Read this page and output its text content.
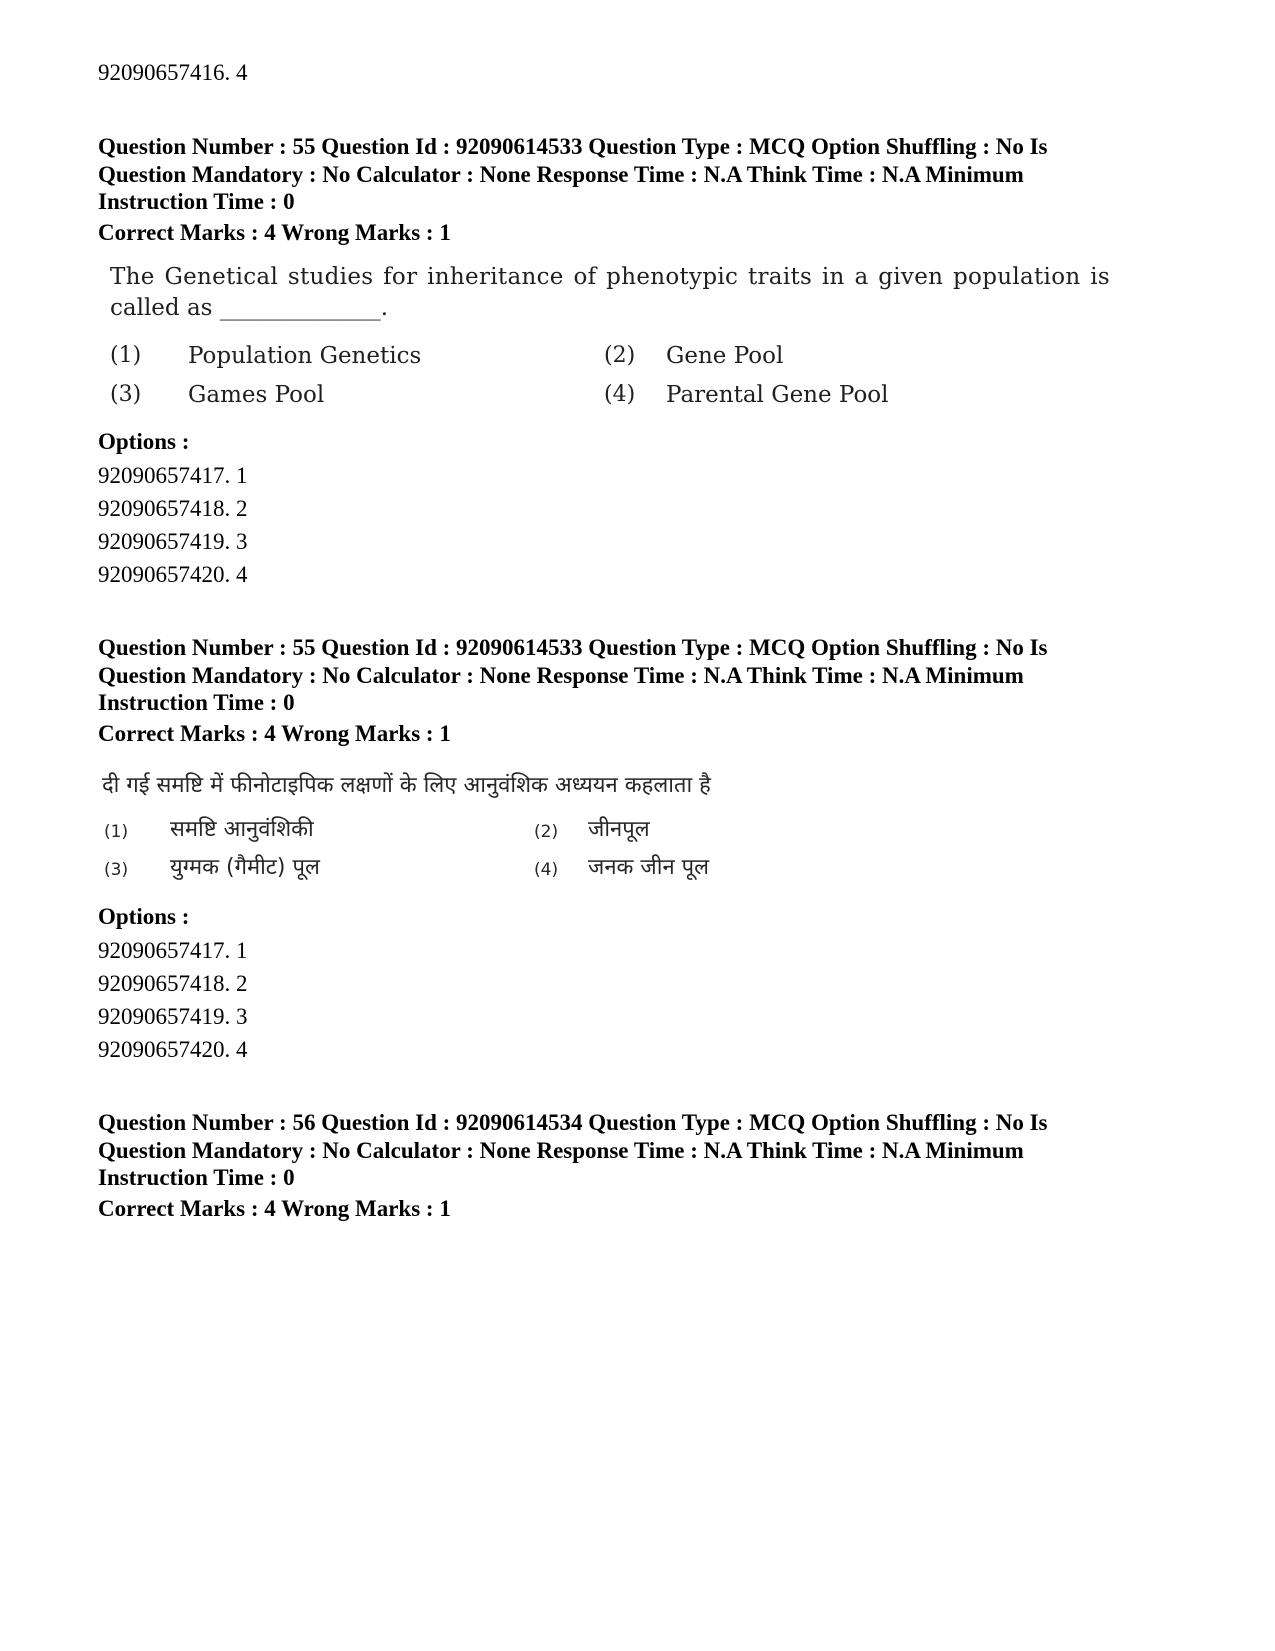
92090657416. 4
Question Number : 55 Question Id : 92090614533 Question Type : MCQ Option Shuffling : No Is
Question Mandatory : No Calculator : None Response Time : N.A Think Time : N.A Minimum
Instruction Time : 0
Correct Marks : 4 Wrong Marks : 1
The Genetical studies for inheritance of phenotypic traits in a given population is
called as ______________.
(1) Population Genetics	(2) Gene Pool
(3) Games Pool	(4) Parental Gene Pool
Options :
92090657417. 1
92090657418. 2
92090657419. 3
92090657420. 4
Question Number : 55 Question Id : 92090614533 Question Type : MCQ Option Shuffling : No Is
Question Mandatory : No Calculator : None Response Time : N.A Think Time : N.A Minimum
Instruction Time : 0
Correct Marks : 4 Wrong Marks : 1
दी गई समष्टि में फीनोटाइपिक लक्षणों के लिए आनुवंशिक अध्ययन कहलाता है
(1) समष्टि आनुवंशिकी	(2) जीनपूल
(3) युग्मक (गैमीट) पूल	(4) जनक जीन पूल
Options :
92090657417. 1
92090657418. 2
92090657419. 3
92090657420. 4
Question Number : 56 Question Id : 92090614534 Question Type : MCQ Option Shuffling : No Is
Question Mandatory : No Calculator : None Response Time : N.A Think Time : N.A Minimum
Instruction Time : 0
Correct Marks : 4 Wrong Marks : 1
